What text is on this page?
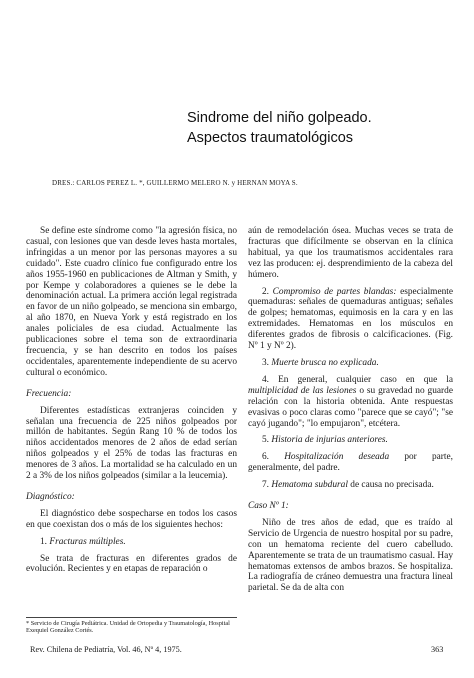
Sindrome del niño golpeado.
Aspectos traumatológicos
DRES.: CARLOS PEREZ L. *, GUILLERMO MELERO N. y HERNAN MOYA S.

Se define este síndrome como "la agresión física, no casual, con lesiones que van desde leves hasta mortales, infringidas a un menor por las personas mayores a su cuidado". Este cuadro clínico fue configurado entre los años 1955-1960 en publicaciones de Altman y Smith, y por Kempe y colaboradores a quienes se le debe la denominación actual. La primera acción legal registrada en favor de un niño golpeado, se menciona sin embargo, al año 1870, en Nueva York y está registrado en los anales policiales de esa ciudad. Actualmente las publicaciones sobre el tema son de extraordinaria frecuencia, y se han descrito en todos los países occidentales, aparentemente independiente de su acervo cultural o económico.

Frecuencia:

Diferentes estadísticas extranjeras coinciden y señalan una frecuencia de 225 niños golpeados por millón de habitantes. Según Rang 10 % de todos los niños accidentados menores de 2 años de edad serían niños golpeados y el 25% de todas las fracturas en menores de 3 años. La mortalidad se ha calculado en un 2 a 3% de los niños golpeados (similar a la leucemia).

Diagnóstico:

El diagnóstico debe sospecharse en todos los casos en que coexistan dos o más de los siguientes hechos:

1. Fracturas múltiples.

Se trata de fracturas en diferentes grados de evolución. Recientes y en etapas de reparación o

* Servicio de Cirugía Pediátrica. Unidad de Ortopedia y Traumatología, Hospital Exequiel González Cortés.

aún de remodelación ósea. Muchas veces se trata de fracturas que difícilmente se observan en la clínica habitual, ya que los traumatismos accidentales rara vez las producen: ej. desprendimiento de la cabeza del húmero.

2. Compromiso de partes blandas: especialmente quemaduras: señales de quemaduras antiguas; señales de golpes; hematomas, equimosis en la cara y en las extremidades. Hematomas en los músculos en diferentes grados de fibrosis o calcificaciones. (Fig. Nº 1 y Nº 2).

3. Muerte brusca no explicada.

4. En general, cualquier caso en que la multiplicidad de las lesiones o su gravedad no guarde relación con la historia obtenida. Ante respuestas evasivas o poco claras como "parece que se cayó"; "se cayó jugando"; "lo empujaron", etcétera.

5. Historia de injurias anteriores.

6. Hospitalización deseada por parte, generalmente, del padre.

7. Hematoma subdural de causa no precisada.

Caso Nº 1:

Niño de tres años de edad, que es traído al Servicio de Urgencia de nuestro hospital por su padre, con un hematoma reciente del cuero cabelludo. Aparentemente se trata de un traumatismo casual. Hay hematomas extensos de ambos brazos. Se hospitaliza. La radiografía de cráneo demuestra una fractura lineal parietal. Se da de alta con

Rev. Chilena de Pediatría, Vol. 46, Nº 4, 1975.	363
